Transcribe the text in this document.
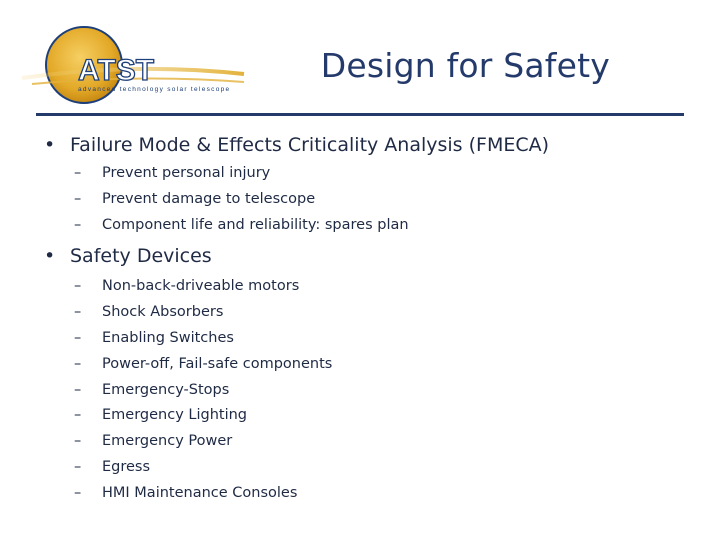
ATST
advanced technology solar telescope
Design for Safety
• Failure Mode & Effects Criticality Analysis (FMECA)
– Prevent personal injury
– Prevent damage to telescope
– Component life and reliability: spares plan
• Safety Devices
– Non-back-driveable motors
– Shock Absorbers
– Enabling Switches
– Power-off, Fail-safe components
– Emergency-Stops
– Emergency Lighting
– Emergency Power
– Egress
– HMI Maintenance Consoles
